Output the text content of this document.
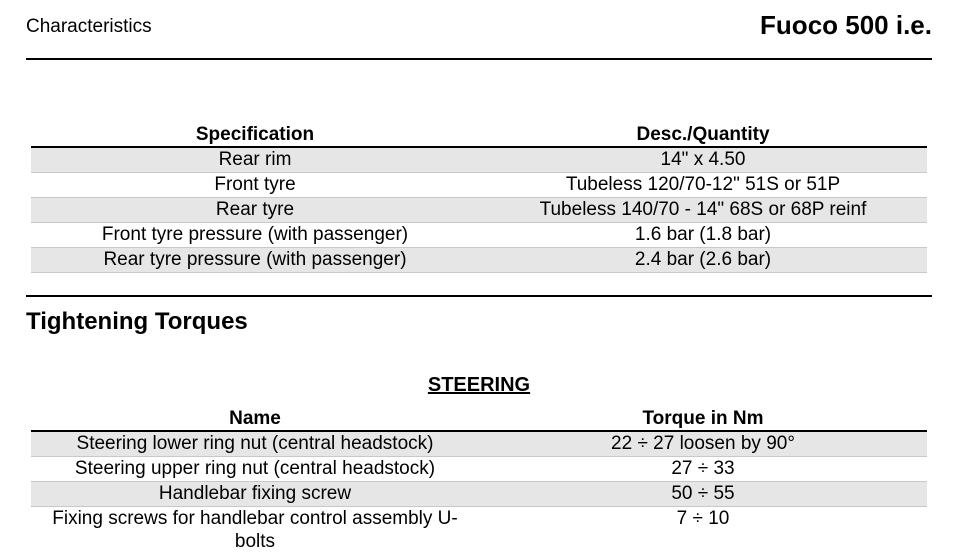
Characteristics	Fuoco 500 i.e.
Specification	Desc./Quantity
Rear rim	14" x 4.50
Front tyre	Tubeless 120/70-12" 51S or 51P
Rear tyre	Tubeless 140/70 - 14" 68S or 68P reinf
Front tyre pressure (with passenger)	1.6 bar (1.8 bar)
Rear tyre pressure (with passenger)	2.4 bar (2.6 bar)
Tightening Torques
STEERING
Name	Torque in Nm
Steering lower ring nut (central headstock)	22 ÷ 27 loosen by 90°
Steering upper ring nut (central headstock)	27 ÷ 33
Handlebar fixing screw	50 ÷ 55
Fixing screws for handlebar control assembly U-bolts	7 ÷ 10
